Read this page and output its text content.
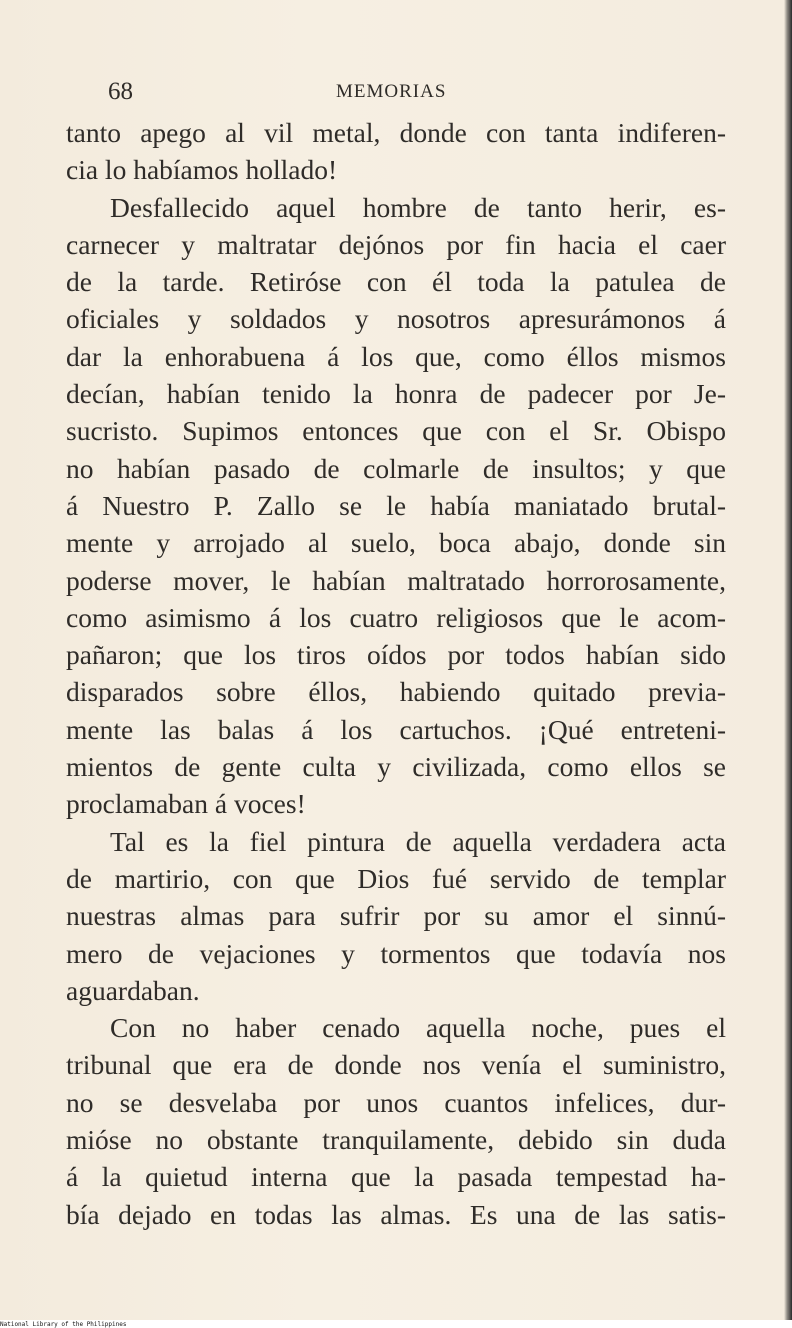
68	MEMORIAS
tanto apego al vil metal, donde con tanta indiferen-
cia lo habíamos hollado!
Desfallecido aquel hombre de tanto herir, es-
carnecer y maltratar dejónos por fin hacia el caer
de la tarde. Retiróse con él toda la patulea de
oficiales y soldados y nosotros apresurámonos á
dar la enhorabuena á los que, como éllos mismos
decían, habían tenido la honra de padecer por Je-
sucristo. Supimos entonces que con el Sr. Obispo
no habían pasado de colmarle de insultos; y que
á Nuestro P. Zallo se le había maniatado brutal-
mente y arrojado al suelo, boca abajo, donde sin
poderse mover, le habían maltratado horrorosamente,
como asimismo á los cuatro religiosos que le acom-
pañaron; que los tiros oídos por todos habían sido
disparados sobre éllos, habiendo quitado previa-
mente las balas á los cartuchos. ¡Qué entreteni-
mientos de gente culta y civilizada, como ellos se
proclamaban á voces!
Tal es la fiel pintura de aquella verdadera acta
de martirio, con que Dios fué servido de templar
nuestras almas para sufrir por su amor el sinnú-
mero de vejaciones y tormentos que todavía nos
aguardaban.
Con no haber cenado aquella noche, pues el
tribunal que era de donde nos venía el suministro,
no se desvelaba por unos cuantos infelices, dur-
mióse no obstante tranquilamente, debido sin duda
á la quietud interna que la pasada tempestad ha-
bía dejado en todas las almas. Es una de las satis-
National Library of the Philippines
